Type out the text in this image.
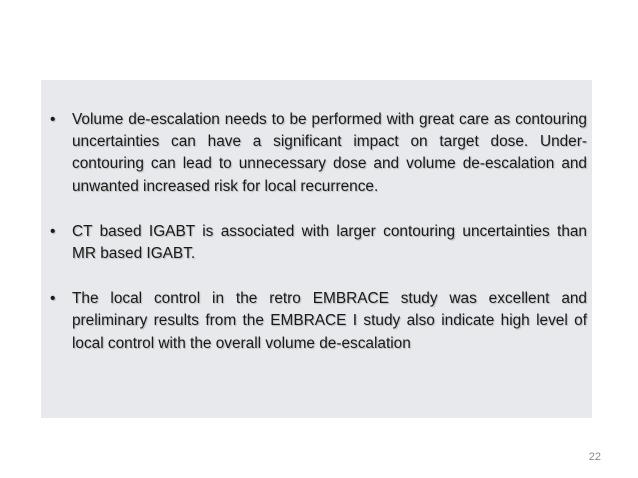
•	Volume de-escalation needs to be performed with great care as contouring uncertainties can have a significant impact on target dose. Under-contouring can lead to unnecessary dose and volume de-escalation and unwanted increased risk for local recurrence.
•	CT based IGABT is associated with larger contouring uncertainties than MR based IGABT.
•	The local control in the retro EMBRACE study was excellent and preliminary results from the EMBRACE I study also indicate high level of local control with the overall volume de-escalation
22
